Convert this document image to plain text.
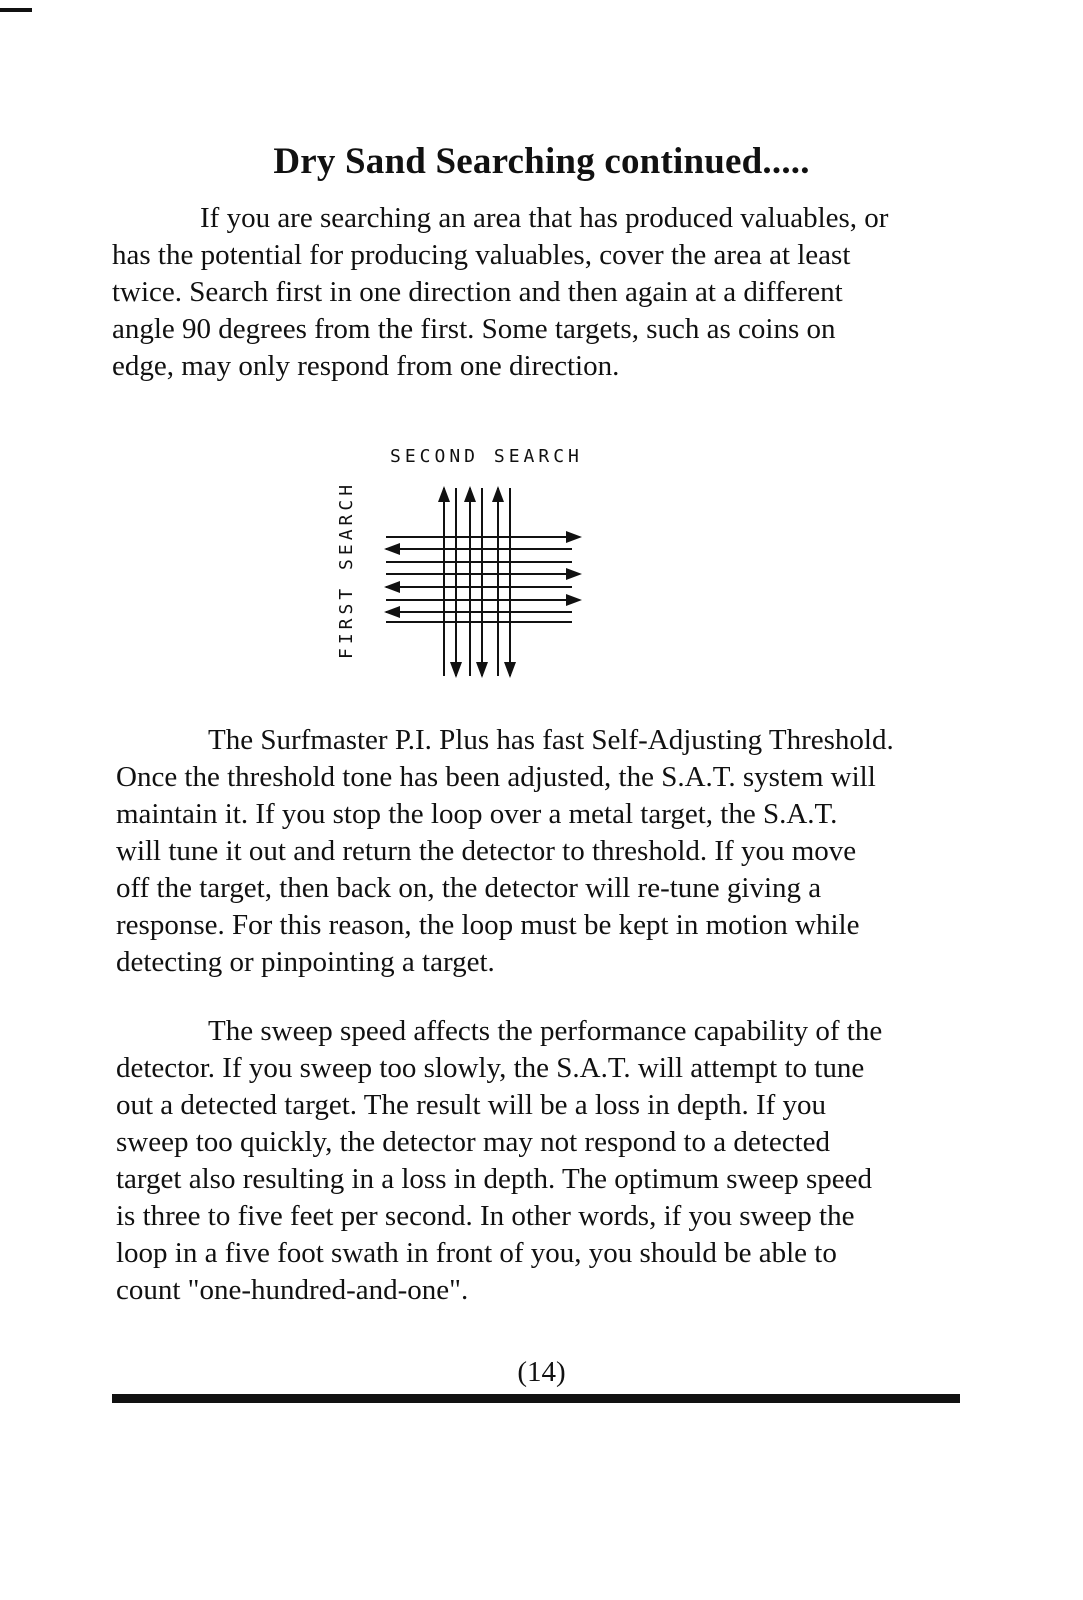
Dry Sand Searching continued.....
If you are searching an area that has produced valuables, or
has the potential for producing valuables, cover the area at least
twice. Search first in one direction and then again at a different
angle 90 degrees from the first. Some targets, such as coins on
edge, may only respond from one direction.
SECOND SEARCH
FIRST SEARCH
The Surfmaster P.I. Plus has fast Self-Adjusting Threshold.
Once the threshold tone has been adjusted, the S.A.T. system will
maintain it. If you stop the loop over a metal target, the S.A.T.
will tune it out and return the detector to threshold. If you move
off the target, then back on, the detector will re-tune giving a
response. For this reason, the loop must be kept in motion while
detecting or pinpointing a target.
The sweep speed affects the performance capability of the
detector. If you sweep too slowly, the S.A.T. will attempt to tune
out a detected target. The result will be a loss in depth. If you
sweep too quickly, the detector may not respond to a detected
target also resulting in a loss in depth. The optimum sweep speed
is three to five feet per second. In other words, if you sweep the
loop in a five foot swath in front of you, you should be able to
count "one-hundred-and-one".
(14)
